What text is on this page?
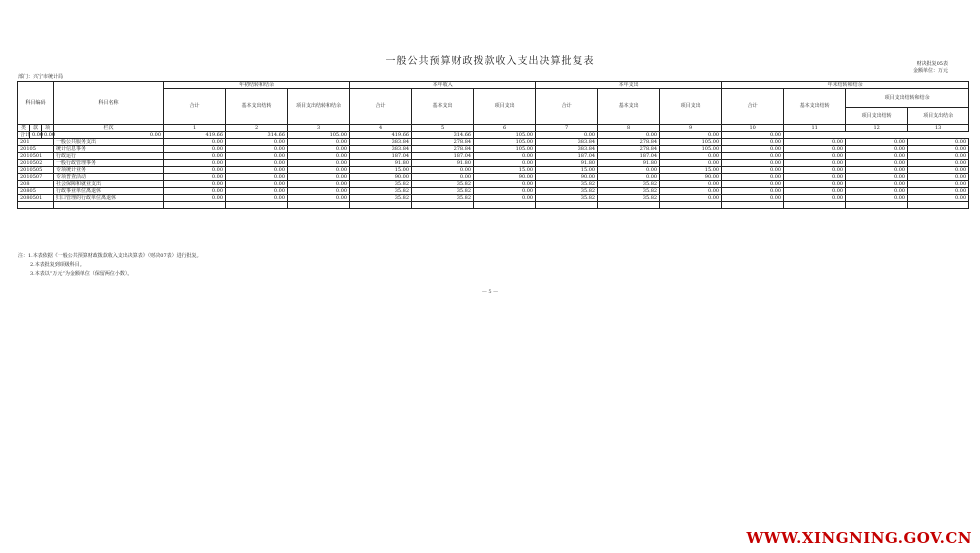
一般公共预算财政拨款收入支出决算批复表	财决批复05表
金额单位：万元
部门：兴宁市统计局
科目编码			科目名称	年初结转和结余			本年收入			本年支出			年末结转和结余			
				合计	基本支出结转	项目支出结转和结余	合计	基本支出	项目支出	合计	基本支出	项目支出	合计	基本支出结转	项目支出结转和结余	
															项目支出结转	项目支出结余
类	款	项	栏次	1	2	3	4	5	6	7	8	9	10	11	12	13
合计	0.00	0.00	0.00	419.66	314.66	105.00	419.66	314.66	105.00	0.00	0.00	0.00	0.00			
201			一般公共服务支出	0.00	0.00	0.00	383.84	278.84	105.00	383.84	278.84	105.00	0.00	0.00	0.00	0.00
20105			统计信息事务	0.00	0.00	0.00	383.84	278.84	105.00	383.84	278.84	105.00	0.00	0.00	0.00	0.00
2010501			行政运行	0.00	0.00	0.00	187.04	187.04	0.00	187.04	187.04	0.00	0.00	0.00	0.00	0.00
2010502			一般行政管理事务	0.00	0.00	0.00	91.80	91.80	0.00	91.80	91.80	0.00	0.00	0.00	0.00	0.00
2010505			专项统计业务	0.00	0.00	0.00	15.00	0.00	15.00	15.00	0.00	15.00	0.00	0.00	0.00	0.00
2010507			专项普查活动	0.00	0.00	0.00	90.00	0.00	90.00	90.00	0.00	90.00	0.00	0.00	0.00	0.00
208			社会保障和就业支出	0.00	0.00	0.00	35.82	35.82	0.00	35.82	35.82	0.00	0.00	0.00	0.00	0.00
20805			行政事业单位离退休	0.00	0.00	0.00	35.82	35.82	0.00	35.82	35.82	0.00	0.00	0.00	0.00	0.00
2080501			归口管理的行政单位离退休	0.00	0.00	0.00	35.82	35.82	0.00	35.82	35.82	0.00	0.00	0.00	0.00	0.00

注：1.本表依据《一般公共预算财政拨款收入支出决算表》（财决07表）进行批复。
2.本表批复到项级科目。
3.本表以“万元”为金额单位（保留两位小数）。
— 5 —
WWW.XINGNING.GOV.CN
